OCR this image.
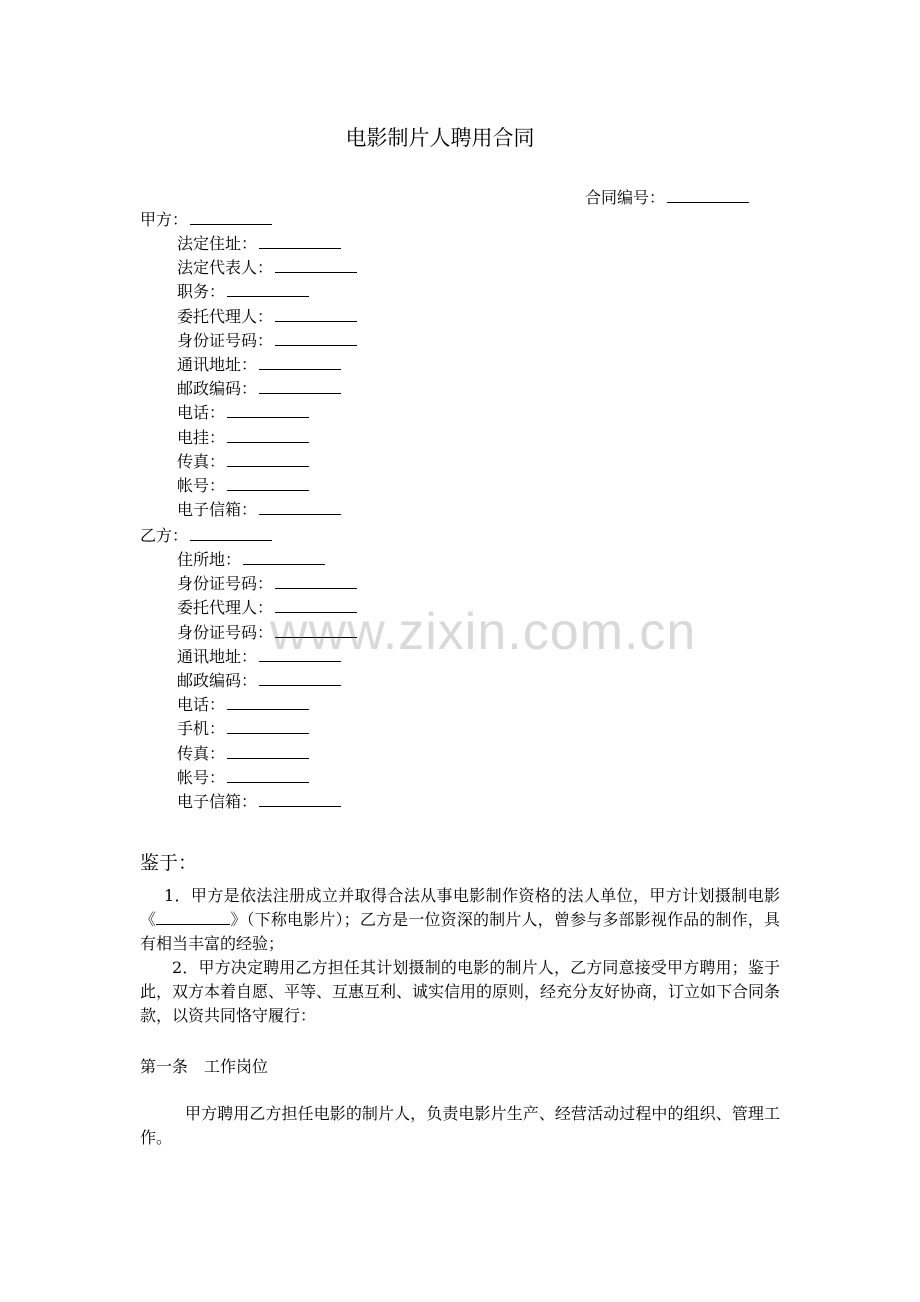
电影制片人聘用合同
合同编号：
甲方：
法定住址：
法定代表人：
职务：
委托代理人：
身份证号码：
通讯地址：
邮政编码：
电话：
电挂：
传真：
帐号：
电子信箱：
乙方：
住所地：
身份证号码：
委托代理人：
身份证号码：
通讯地址：
邮政编码：
电话：
手机：
传真：
帐号：
电子信箱：
www.zixin.com.cn
鉴于：
1．甲方是依法注册成立并取得合法从事电影制作资格的法人单位，甲方计划摄制电影《	》（下称电影片）；乙方是一位资深的制片人，曾参与多部影视作品的制作，具有相当丰富的经验；
2．甲方决定聘用乙方担任其计划摄制的电影的制片人，乙方同意接受甲方聘用；鉴于此，双方本着自愿、平等、互惠互利、诚实信用的原则，经充分友好协商，订立如下合同条款，以资共同恪守履行：
第一条　工作岗位
甲方聘用乙方担任电影的制片人，负责电影片生产、经营活动过程中的组织、管理工作。
